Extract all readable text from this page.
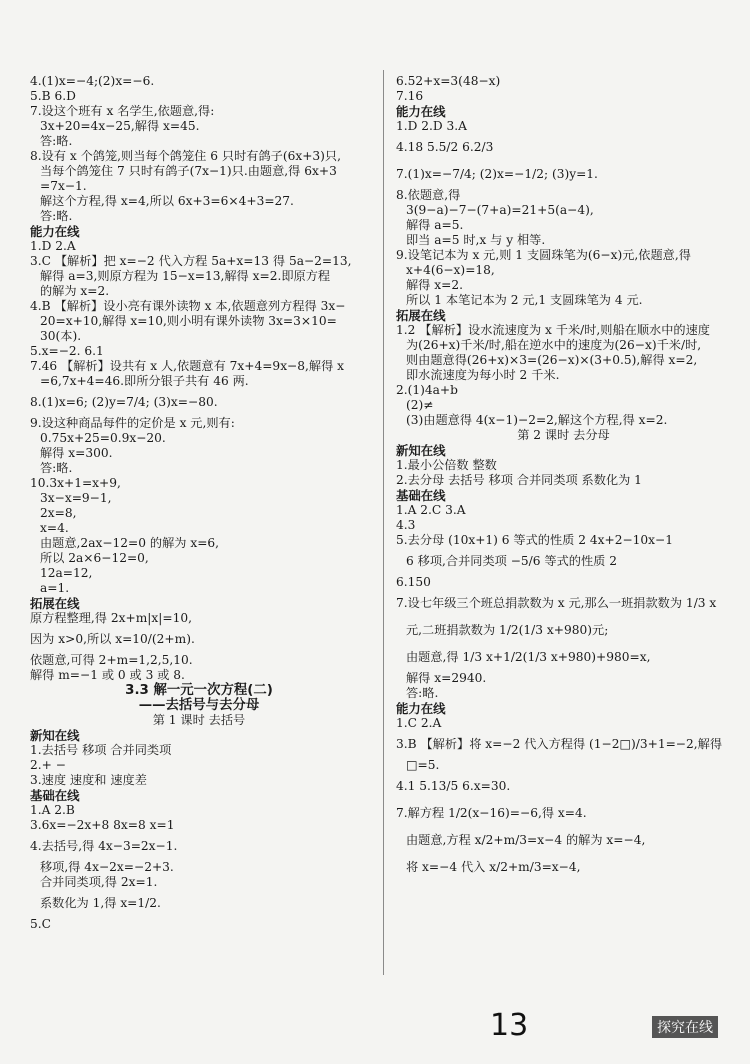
4.(1)x=−4;(2)x=−6.
5.B 6.D
7.设这个班有 x 名学生,依题意,得:
3x+20=4x−25,解得 x=45.
答:略.
8.设有 x 个鸽笼,则当每个鸽笼住 6 只时有鸽子(6x+3)只,
当每个鸽笼住 7 只时有鸽子(7x−1)只.由题意,得 6x+3
=7x−1.
解这个方程,得 x=4,所以 6x+3=6×4+3=27.
答:略.
能力在线
1.D 2.A
3.C 【解析】把 x=−2 代入方程 5a+x=13 得 5a−2=13,
解得 a=3,则原方程为 15−x=13,解得 x=2.即原方程
的解为 x=2.
4.B 【解析】设小亮有课外读物 x 本,依题意列方程得 3x−
20=x+10,解得 x=10,则小明有课外读物 3x=3×10=
30(本).
5.x=−2. 6.1
7.46 【解析】设共有 x 人,依题意有 7x+4=9x−8,解得 x
=6,7x+4=46.即所分银子共有 46 两.
8.(1)x=6; (2)y=7/4; (3)x=−80.
9.设这种商品每件的定价是 x 元,则有:
0.75x+25=0.9x−20.
解得 x=300.
答:略.
10.3x+1=x+9,
3x−x=9−1,
2x=8,
x=4.
由题意,2ax−12=0 的解为 x=6,
所以 2a×6−12=0,
12a=12,
a=1.
拓展在线
原方程整理,得 2x+m|x|=10,
因为 x>0,所以 x=10/(2+m).
依题意,可得 2+m=1,2,5,10.
解得 m=−1 或 0 或 3 或 8.
3.3 解一元一次方程(二)
——去括号与去分母
第 1 课时 去括号
新知在线
1.去括号 移项 合并同类项
2.+ −
3.速度 速度和 速度差
基础在线
1.A 2.B
3.6x=−2x+8 8x=8 x=1
4.去括号,得 4x−3=2x−1.
移项,得 4x−2x=−2+3.
合并同类项,得 2x=1.
系数化为 1,得 x=1/2.
5.C
6.52+x=3(48−x)
7.16
能力在线
1.D 2.D 3.A
4.18 5.5/2 6.2/3
7.(1)x=−7/4; (2)x=−1/2; (3)y=1.
8.依题意,得
3(9−a)−7−(7+a)=21+5(a−4),
解得 a=5.
即当 a=5 时,x 与 y 相等.
9.设笔记本为 x 元,则 1 支圆珠笔为(6−x)元,依题意,得
x+4(6−x)=18,
解得 x=2.
所以 1 本笔记本为 2 元,1 支圆珠笔为 4 元.
拓展在线
1.2 【解析】设水流速度为 x 千米/时,则船在顺水中的速度
为(26+x)千米/时,船在逆水中的速度为(26−x)千米/时,
则由题意得(26+x)×3=(26−x)×(3+0.5),解得 x=2,
即水流速度为每小时 2 千米.
2.(1)4a+b
(2)≠
(3)由题意得 4(x−1)−2=2,解这个方程,得 x=2.
第 2 课时 去分母
新知在线
1.最小公倍数 整数
2.去分母 去括号 移项 合并同类项 系数化为 1
基础在线
1.A 2.C 3.A
4.3
5.去分母 (10x+1) 6 等式的性质 2 4x+2−10x−1
6 移项,合并同类项 −5/6 等式的性质 2
6.150
7.设七年级三个班总捐款数为 x 元,那么一班捐款数为 1/3 x
元,二班捐款数为 1/2(1/3 x+980)元;
由题意,得 1/3 x+1/2(1/3 x+980)+980=x,
解得 x=2940.
答:略.
能力在线
1.C 2.A
3.B 【解析】将 x=−2 代入方程得 (1−2□)/3+1=−2,解得
□=5.
4.1 5.13/5 6.x=30.
7.解方程 1/2(x−16)=−6,得 x=4.
由题意,方程 x/2+m/3=x−4 的解为 x=−4,
将 x=−4 代入 x/2+m/3=x−4,
13	探究在线
